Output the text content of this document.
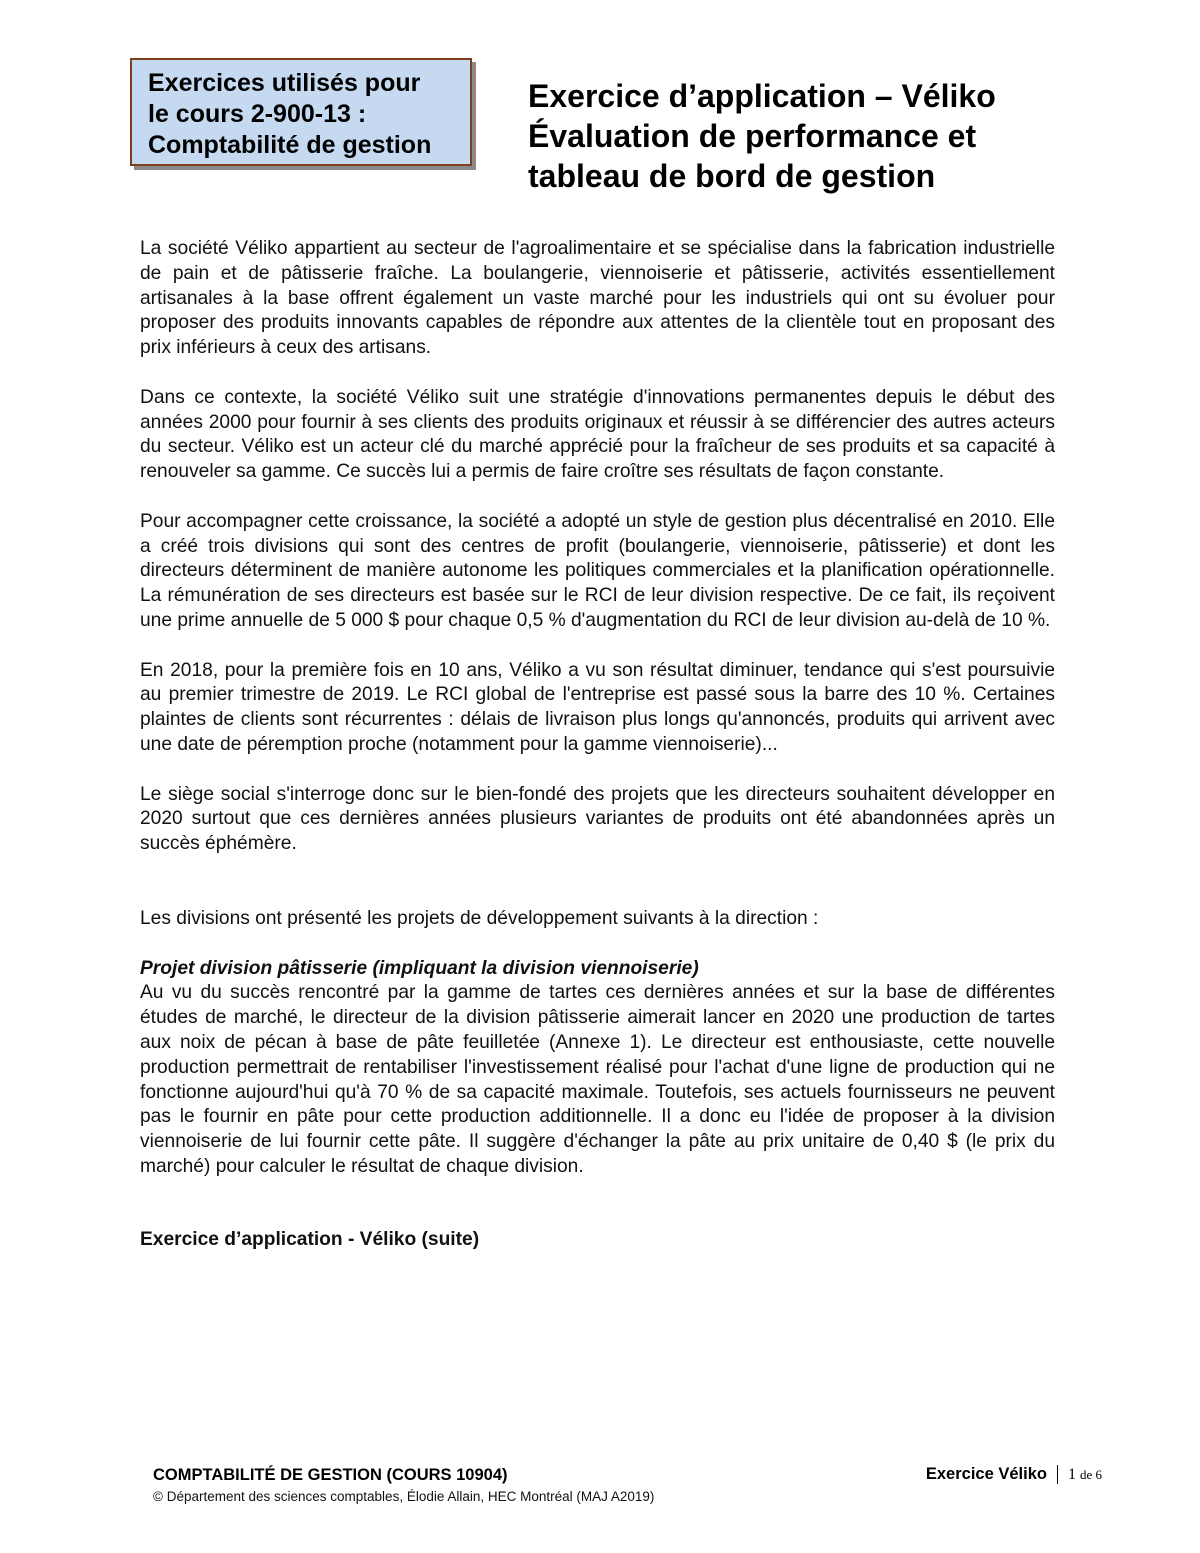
Exercices utilisés pour
le cours 2-900-13 :
Comptabilité de gestion
Exercice d’application – Véliko
Évaluation de performance et
tableau de bord de gestion

La société Véliko appartient au secteur de l'agroalimentaire et se spécialise dans la fabrication industrielle de pain et de pâtisserie fraîche. La boulangerie, viennoiserie et pâtisserie, activités essentiellement artisanales à la base offrent également un vaste marché pour les industriels qui ont su évoluer pour proposer des produits innovants capables de répondre aux attentes de la clientèle tout en proposant des prix inférieurs à ceux des artisans.

Dans ce contexte, la société Véliko suit une stratégie d'innovations permanentes depuis le début des années 2000 pour fournir à ses clients des produits originaux et réussir à se différencier des autres acteurs du secteur. Véliko est un acteur clé du marché apprécié pour la fraîcheur de ses produits et sa capacité à renouveler sa gamme. Ce succès lui a permis de faire croître ses résultats de façon constante.

Pour accompagner cette croissance, la société a adopté un style de gestion plus décentralisé en 2010. Elle a créé trois divisions qui sont des centres de profit (boulangerie, viennoiserie, pâtisserie) et dont les directeurs déterminent de manière autonome les politiques commerciales et la planification opérationnelle. La rémunération de ses directeurs est basée sur le RCI de leur division respective. De ce fait, ils reçoivent une prime annuelle de 5 000 $ pour chaque 0,5 % d'augmentation du RCI de leur division au-delà de 10 %.

En 2018, pour la première fois en 10 ans, Véliko a vu son résultat diminuer, tendance qui s'est poursuivie au premier trimestre de 2019. Le RCI global de l'entreprise est passé sous la barre des 10 %. Certaines plaintes de clients sont récurrentes : délais de livraison plus longs qu'annoncés, produits qui arrivent avec une date de péremption proche (notamment pour la gamme viennoiserie)...

Le siège social s'interroge donc sur le bien-fondé des projets que les directeurs souhaitent développer en 2020 surtout que ces dernières années plusieurs variantes de produits ont été abandonnées après un succès éphémère.

Les divisions ont présenté les projets de développement suivants à la direction :

Projet division pâtisserie (impliquant la division viennoiserie)

Au vu du succès rencontré par la gamme de tartes ces dernières années et sur la base de différentes études de marché, le directeur de la division pâtisserie aimerait lancer en 2020 une production de tartes aux noix de pécan à base de pâte feuilletée (Annexe 1). Le directeur est enthousiaste, cette nouvelle production permettrait de rentabiliser l'investissement réalisé pour l'achat d'une ligne de production qui ne fonctionne aujourd'hui qu'à 70 % de sa capacité maximale. Toutefois, ses actuels fournisseurs ne peuvent pas le fournir en pâte pour cette production additionnelle. Il a donc eu l'idée de proposer à la division viennoiserie de lui fournir cette pâte. Il suggère d'échanger la pâte au prix unitaire de 0,40 $ (le prix du marché) pour calculer le résultat de chaque division.

Exercice d’application - Véliko (suite)

COMPTABILITÉ DE GESTION (COURS 10904)
© Département des sciences comptables, Élodie Allain, HEC Montréal (MAJ A2019)
Exercice Véliko 1 de 6
